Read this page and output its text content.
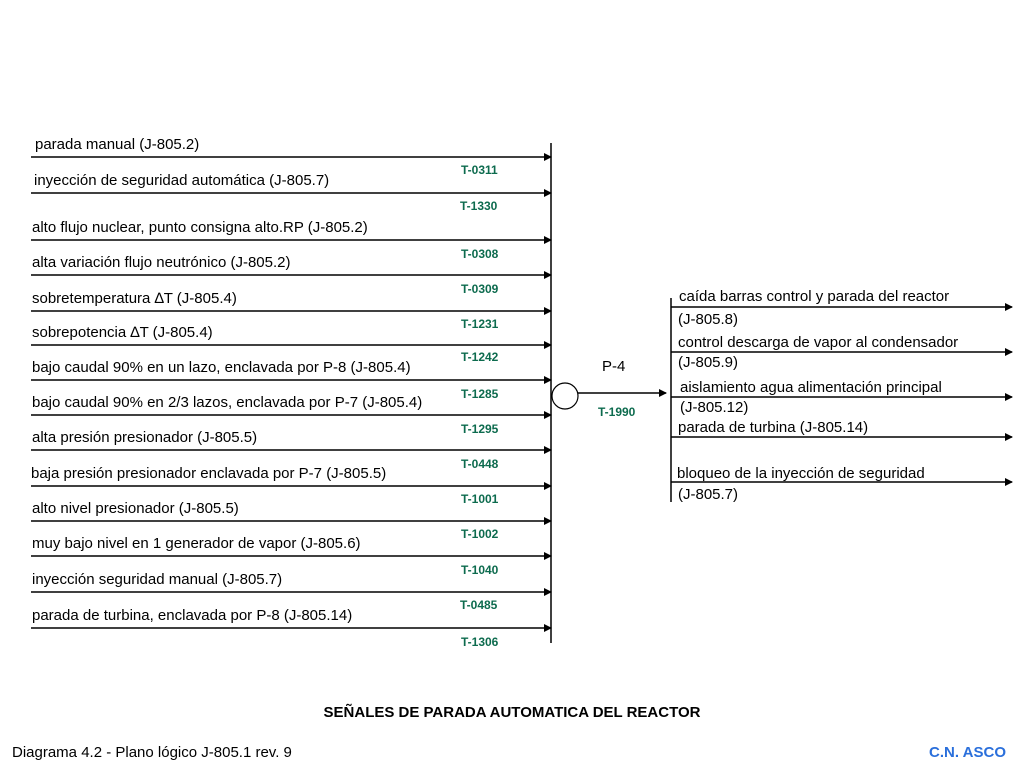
parada manual (J-805.2)
T-0311
inyección de seguridad automática (J-805.7)
T-1330
alto flujo nuclear, punto consigna alto.RP (J-805.2)
T-0308
alta variación flujo neutrónico (J-805.2)
T-0309
sobretemperatura ∆T (J-805.4)
T-1231
sobrepotencia ∆T (J-805.4)
T-1242
bajo caudal 90% en un lazo, enclavada por P-8 (J-805.4)
T-1285
bajo caudal 90% en 2/3 lazos, enclavada por P-7 (J-805.4)
T-1295
alta presión presionador (J-805.5)
T-0448
baja presión presionador enclavada por P-7 (J-805.5)
T-1001
alto nivel presionador (J-805.5)
T-1002
muy bajo nivel en 1 generador de vapor (J-805.6)
T-1040
inyección seguridad manual (J-805.7)
T-0485
parada de turbina, enclavada por P-8 (J-805.14)
T-1306
P-4
T-1990
caída barras control y parada del reactor
(J-805.8)
control descarga de vapor al condensador
(J-805.9)
aislamiento agua alimentación principal
(J-805.12)
parada de turbina (J-805.14)
bloqueo de la inyección de seguridad
(J-805.7)
SEÑALES DE PARADA AUTOMATICA DEL REACTOR
Diagrama 4.2 - Plano lógico J-805.1 rev. 9	C.N. ASCO
